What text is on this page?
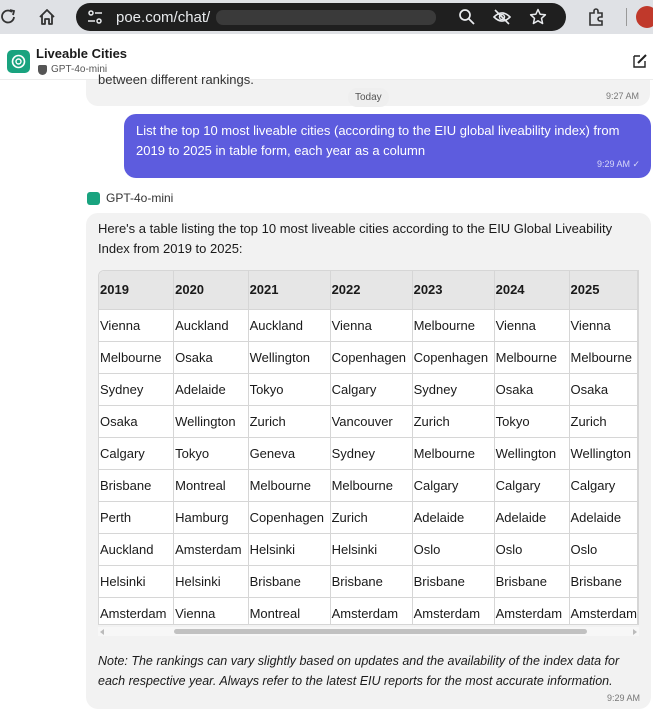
poe.com/chat/
Liveable Cities
GPT-4o-mini
between different rankings.
9:27 AM
Today
List the top 10 most liveable cities (according to the EIU global liveability index) from 2019 to 2025 in table form, each year as a column
9:29 AM ✓
GPT-4o-mini
Here's a table listing the top 10 most liveable cities according to the EIU Global Liveability Index from 2019 to 2025:
2019	2020	2021	2022	2023	2024	2025
Vienna	Auckland	Auckland	Vienna	Melbourne	Vienna	Vienna
Melbourne	Osaka	Wellington	Copenhagen	Copenhagen	Melbourne	Melbourne
Sydney	Adelaide	Tokyo	Calgary	Sydney	Osaka	Osaka
Osaka	Wellington	Zurich	Vancouver	Zurich	Tokyo	Zurich
Calgary	Tokyo	Geneva	Sydney	Melbourne	Wellington	Wellington
Brisbane	Montreal	Melbourne	Melbourne	Calgary	Calgary	Calgary
Perth	Hamburg	Copenhagen	Zurich	Adelaide	Adelaide	Adelaide
Auckland	Amsterdam	Helsinki	Helsinki	Oslo	Oslo	Oslo
Helsinki	Helsinki	Brisbane	Brisbane	Brisbane	Brisbane	Brisbane
Amsterdam	Vienna	Montreal	Amsterdam	Amsterdam	Amsterdam	Amsterdam
Note: The rankings can vary slightly based on updates and the availability of the index data for each respective year. Always refer to the latest EIU reports for the most accurate information.
9:29 AM
